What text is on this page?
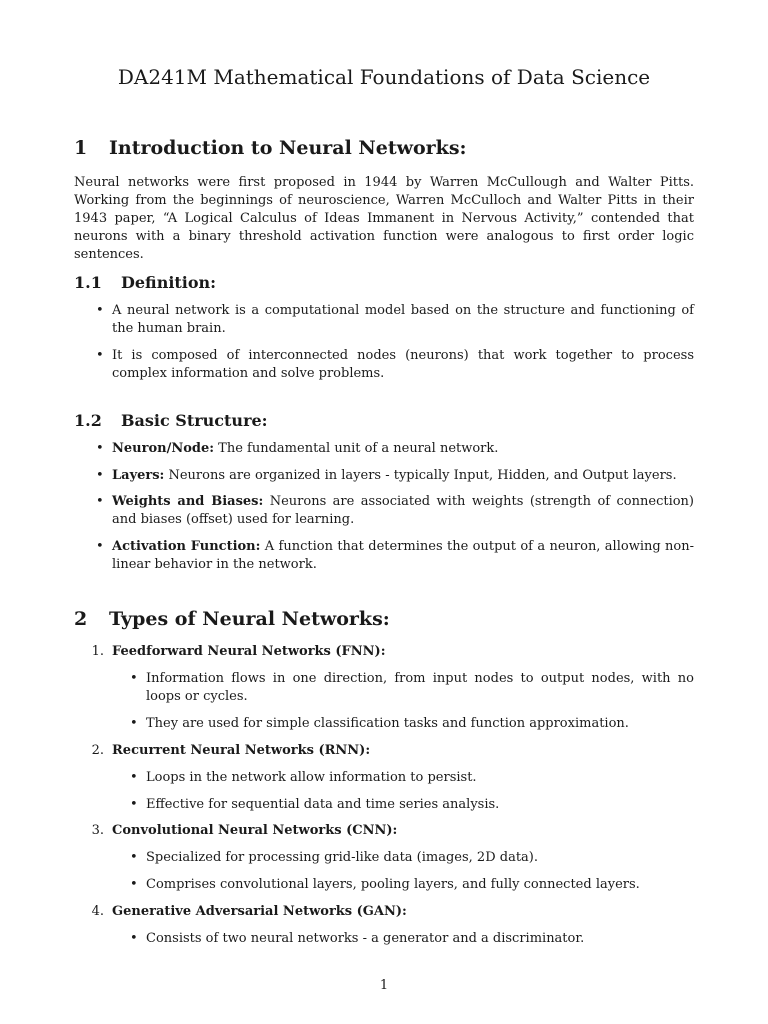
DA241M Mathematical Foundations of Data Science
1 Introduction to Neural Networks:

Neural networks were first proposed in 1944 by Warren McCullough and Walter Pitts. Working from the beginnings of neuroscience, Warren McCulloch and Walter Pitts in their 1943 paper, “A Logical Calculus of Ideas Immanent in Nervous Activity,” contended that neurons with a binary threshold activation function were analogous to first order logic sentences.

1.1 Definition:
• A neural network is a computational model based on the structure and functioning of the human brain.
• It is composed of interconnected nodes (neurons) that work together to process complex information and solve problems.
1.2 Basic Structure:
• Neuron/Node: The fundamental unit of a neural network.
• Layers: Neurons are organized in layers - typically Input, Hidden, and Output layers.
• Weights and Biases: Neurons are associated with weights (strength of connection) and biases (offset) used for learning.
• Activation Function: A function that determines the output of a neuron, allowing non-linear behavior in the network.
2 Types of Neural Networks:
1. Feedforward Neural Networks (FNN):
• Information flows in one direction, from input nodes to output nodes, with no loops or cycles.
• They are used for simple classification tasks and function approximation.
2. Recurrent Neural Networks (RNN):
• Loops in the network allow information to persist.
• Effective for sequential data and time series analysis.
3. Convolutional Neural Networks (CNN):
• Specialized for processing grid-like data (images, 2D data).
• Comprises convolutional layers, pooling layers, and fully connected layers.
4. Generative Adversarial Networks (GAN):
• Consists of two neural networks - a generator and a discriminator.
1
